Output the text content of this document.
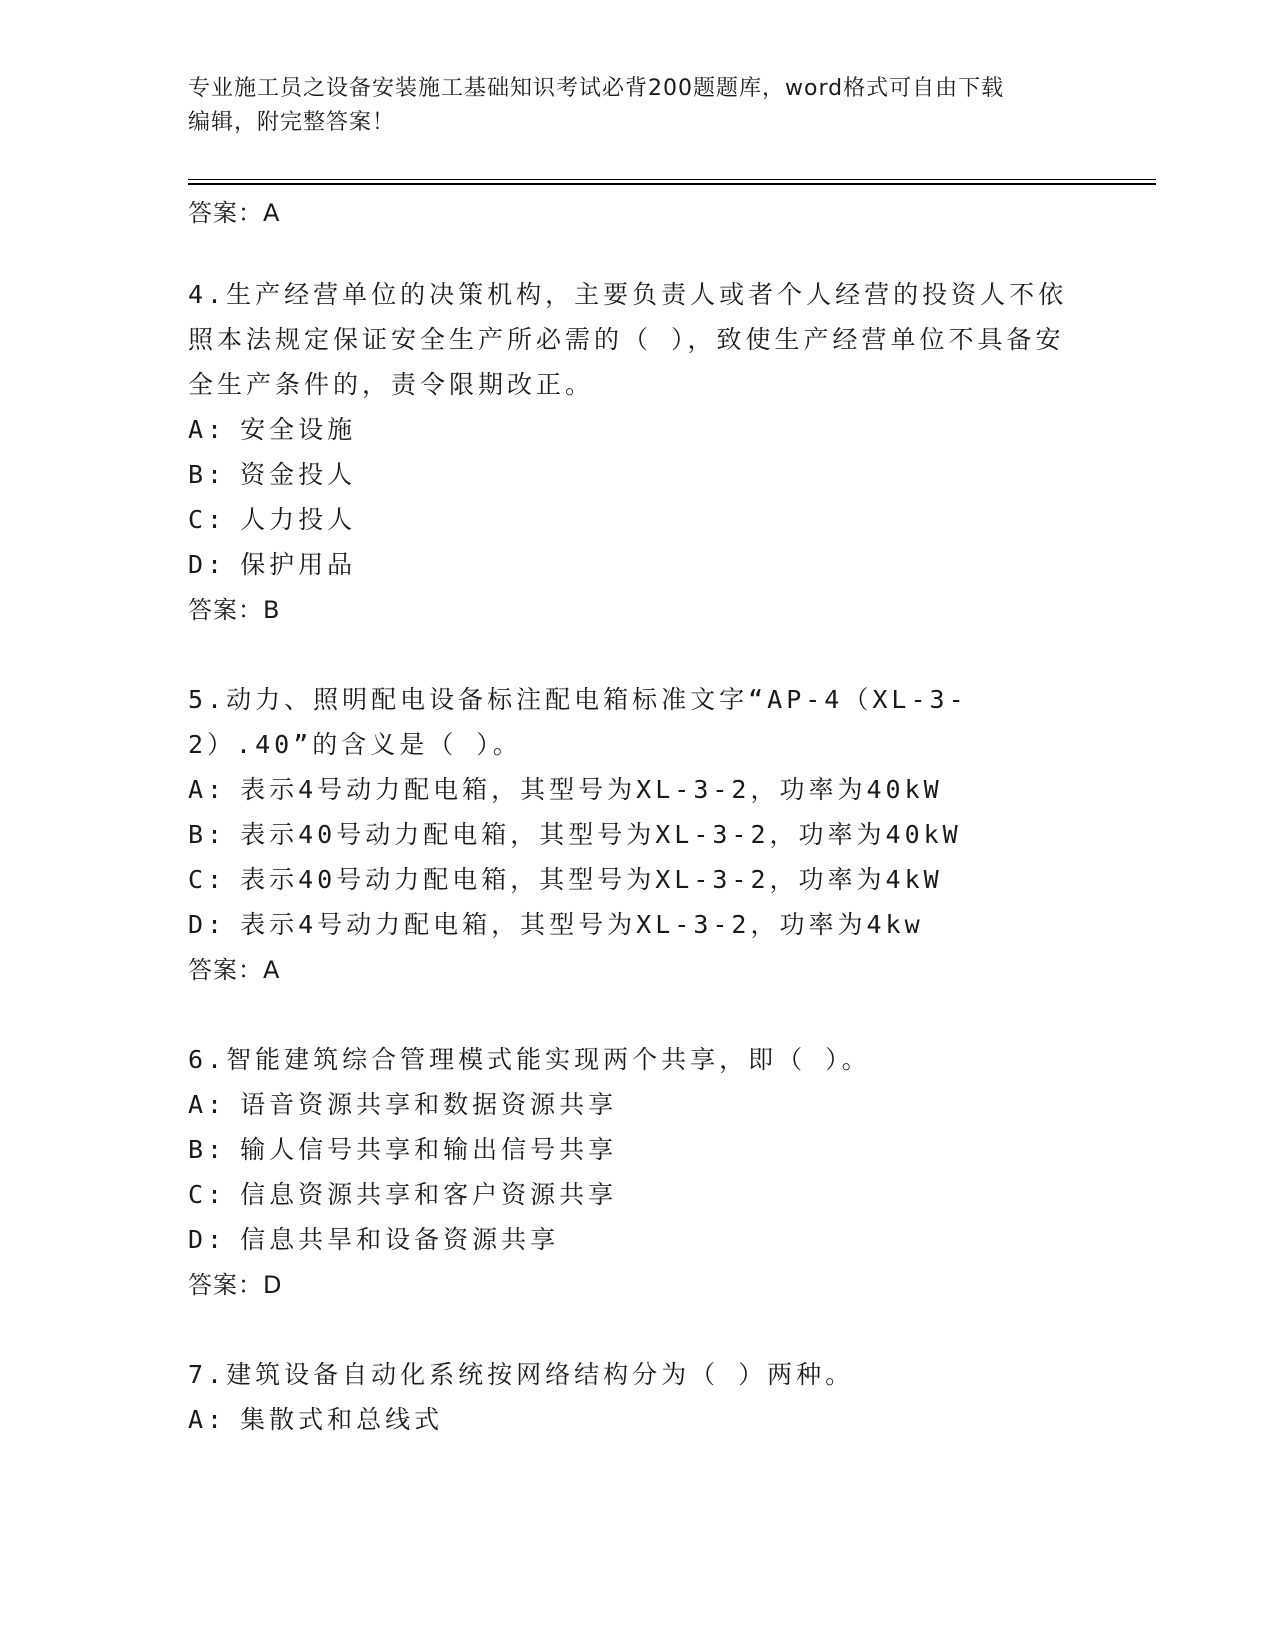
专业施工员之设备安装施工基础知识考试必背200题题库，word格式可自由下载
编辑，附完整答案！
答案：A

4.生产经营单位的决策机构，主要负责人或者个人经营的投资人不依照本法规定保证安全生产所必需的（ ），致使生产经营单位不具备安全生产条件的，责令限期改正。

A: 安全设施

B: 资金投人

C: 人力投人

D: 保护用品

答案：B

5.动力、照明配电设备标注配电箱标准文字“AP-4（XL-3-2）.40”的含义是（ ）。

A: 表示4号动力配电箱，其型号为XL-3-2，功率为40kW

B: 表示40号动力配电箱，其型号为XL-3-2，功率为40kW

C: 表示40号动力配电箱，其型号为XL-3-2，功率为4kW

D: 表示4号动力配电箱，其型号为XL-3-2，功率为4kw

答案：A

6.智能建筑综合管理模式能实现两个共享，即（ ）。

A: 语音资源共享和数据资源共享

B: 输人信号共享和输出信号共享

C: 信息资源共享和客户资源共享

D: 信息共旱和设备资源共享

答案：D

7.建筑设备自动化系统按网络结构分为（ ）两种。

A: 集散式和总线式
